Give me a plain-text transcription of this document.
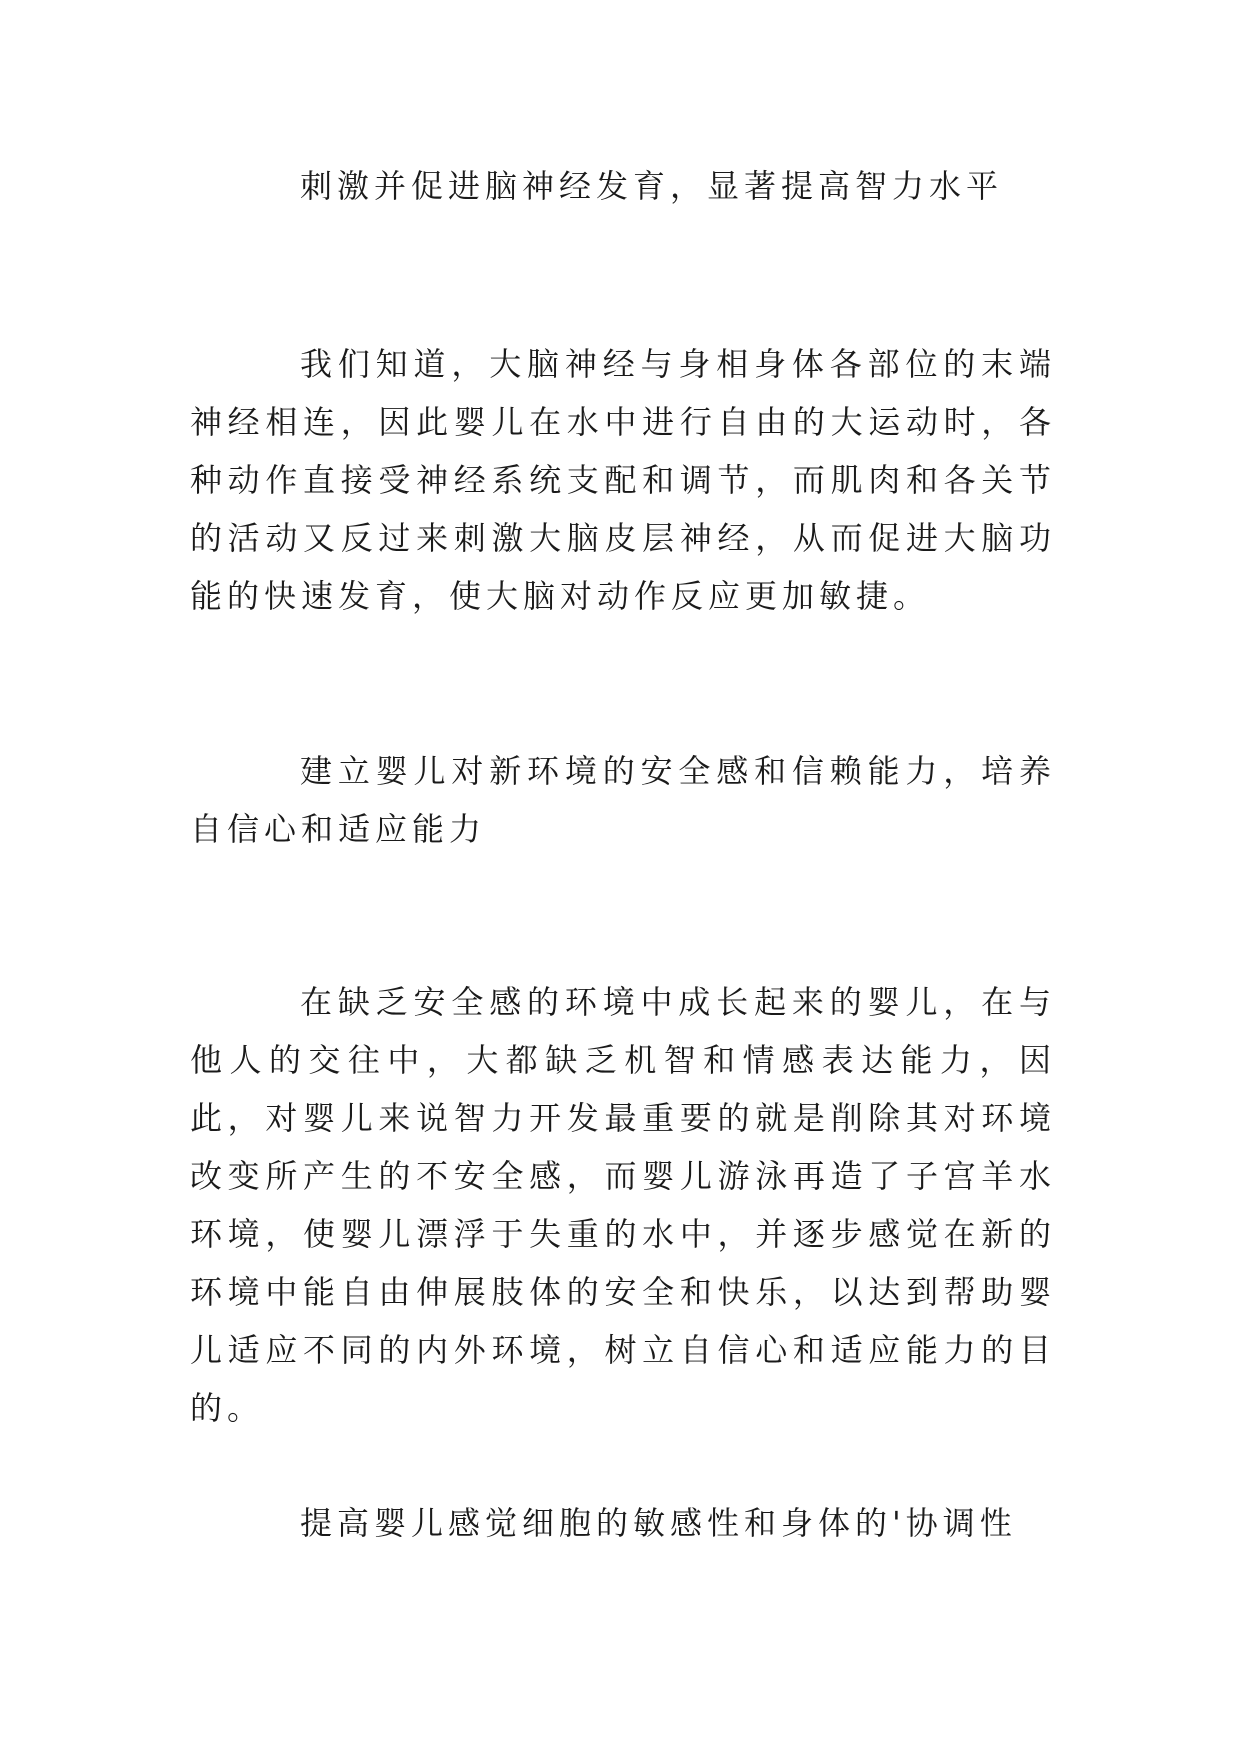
刺激并促进脑神经发育，显著提高智力水平

我们知道，大脑神经与身相身体各部位的末端神经相连，因此婴儿在水中进行自由的大运动时，各种动作直接受神经系统支配和调节，而肌肉和各关节的活动又反过来刺激大脑皮层神经，从而促进大脑功能的快速发育，使大脑对动作反应更加敏捷。

建立婴儿对新环境的安全感和信赖能力，培养自信心和适应能力

在缺乏安全感的环境中成长起来的婴儿，在与他人的交往中，大都缺乏机智和情感表达能力，因此，对婴儿来说智力开发最重要的就是削除其对环境改变所产生的不安全感，而婴儿游泳再造了子宫羊水环境，使婴儿漂浮于失重的水中，并逐步感觉在新的环境中能自由伸展肢体的安全和快乐，以达到帮助婴儿适应不同的内外环境，树立自信心和适应能力的目的。

提高婴儿感觉细胞的敏感性和身体的'协调性
